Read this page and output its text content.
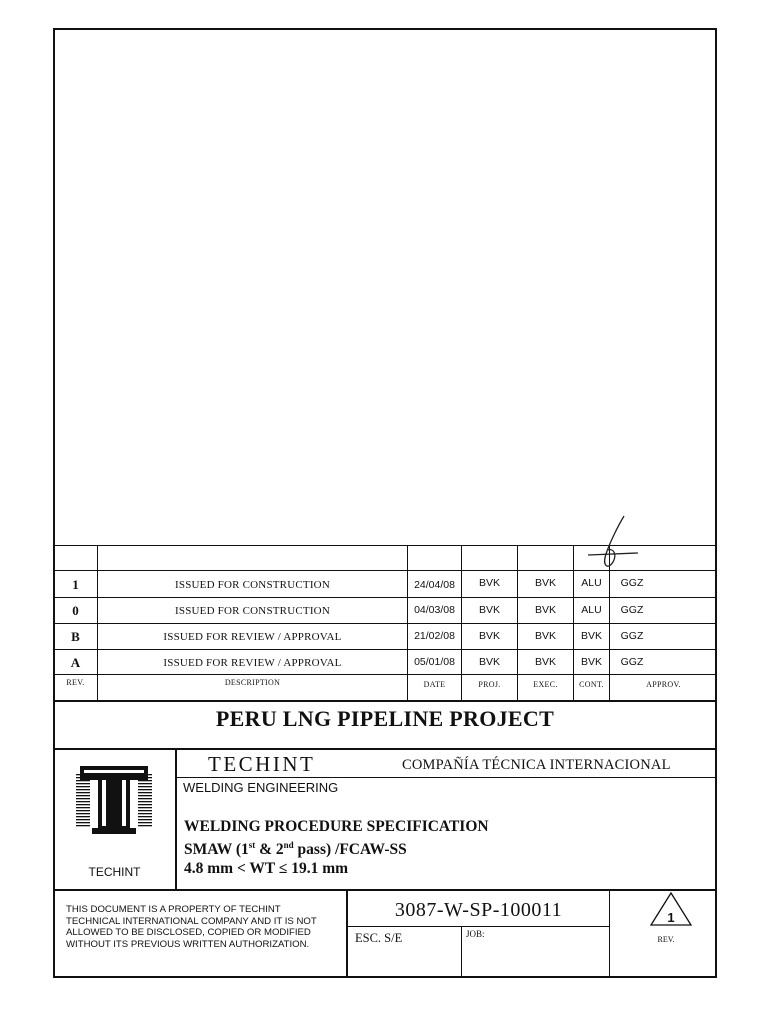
1	ISSUED FOR CONSTRUCTION	24/04/08	BVK	BVK	ALU	GGZ
0	ISSUED FOR CONSTRUCTION	04/03/08	BVK	BVK	ALU	GGZ
B	ISSUED FOR REVIEW / APPROVAL	21/02/08	BVK	BVK	BVK	GGZ
A	ISSUED FOR REVIEW / APPROVAL	05/01/08	BVK	BVK	BVK	GGZ
REV.	DESCRIPTION	DATE	PROJ.	EXEC.	CONT.	APPROV.
PERU LNG PIPELINE PROJECT
TECHINT
TECHINT	COMPAÑÍA TÉCNICA INTERNACIONAL
WELDING ENGINEERING
WELDING PROCEDURE SPECIFICATION
SMAW (1st & 2nd pass) /FCAW-SS
4.8 mm < WT ≤ 19.1 mm
THIS DOCUMENT IS A PROPERTY OF TECHINT TECHNICAL INTERNATIONAL COMPANY AND IT IS NOT ALLOWED TO BE DISCLOSED, COPIED OR MODIFIED WITHOUT ITS PREVIOUS WRITTEN AUTHORIZATION.
3087-W-SP-100011
ESC. S/E	JOB:
1
REV.
